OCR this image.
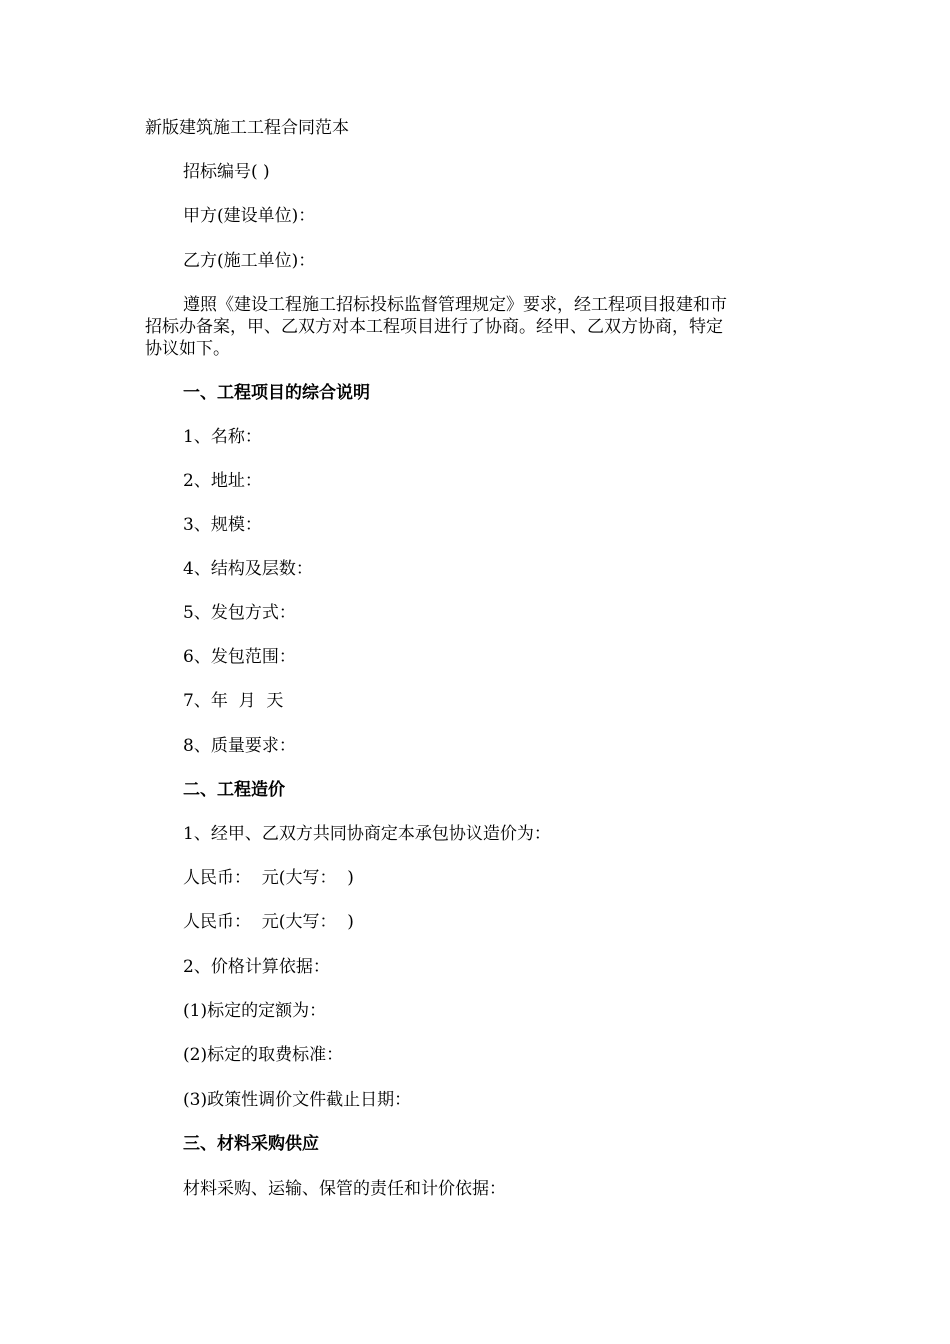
新版建筑施工工程合同范本
招标编号( )
甲方(建设单位)：
乙方(施工单位)：
遵照《建设工程施工招标投标监督管理规定》要求，经工程项目报建和市
招标办备案，甲、乙双方对本工程项目进行了协商。经甲、乙双方协商，特定
协议如下。
一、工程项目的综合说明
1、名称：
2、地址：
3、规模：
4、结构及层数：
5、发包方式：
6、发包范围：
7、年  月  天
8、质量要求：
二、工程造价
1、经甲、乙双方共同协商定本承包协议造价为：
人民币：  元(大写：  )
人民币：  元(大写：  )
2、价格计算依据：
(1)标定的定额为：
(2)标定的取费标准：
(3)政策性调价文件截止日期：
三、材料采购供应
材料采购、运输、保管的责任和计价依据：
